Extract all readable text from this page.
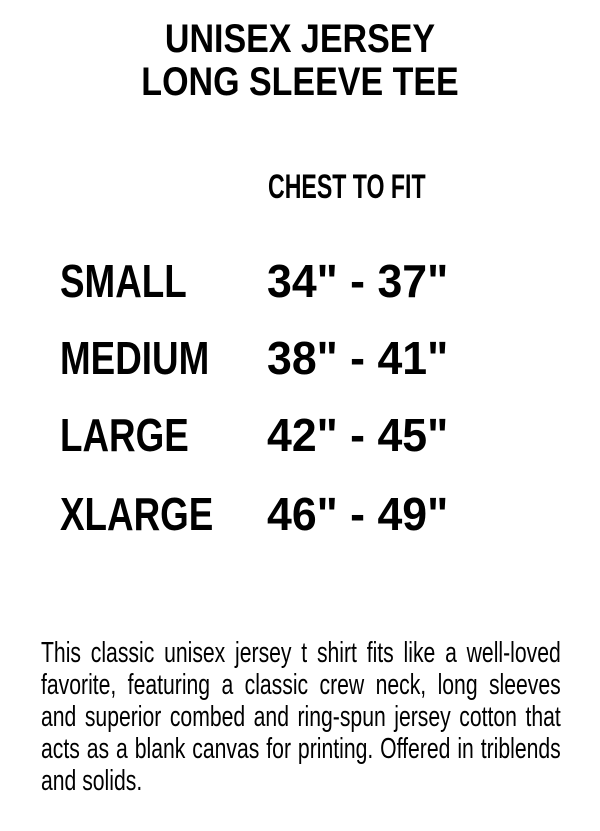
UNISEX JERSEY
LONG SLEEVE TEE
CHEST TO FIT
SMALL 34" - 37"
MEDIUM 38" - 41"
LARGE 42" - 45"
XLARGE 46" - 49"
This classic unisex jersey t shirt fits like a well-loved
favorite, featuring a classic crew neck, long sleeves
and superior combed and ring-spun jersey cotton that
acts as a blank canvas for printing. Offered in triblends
and solids.
